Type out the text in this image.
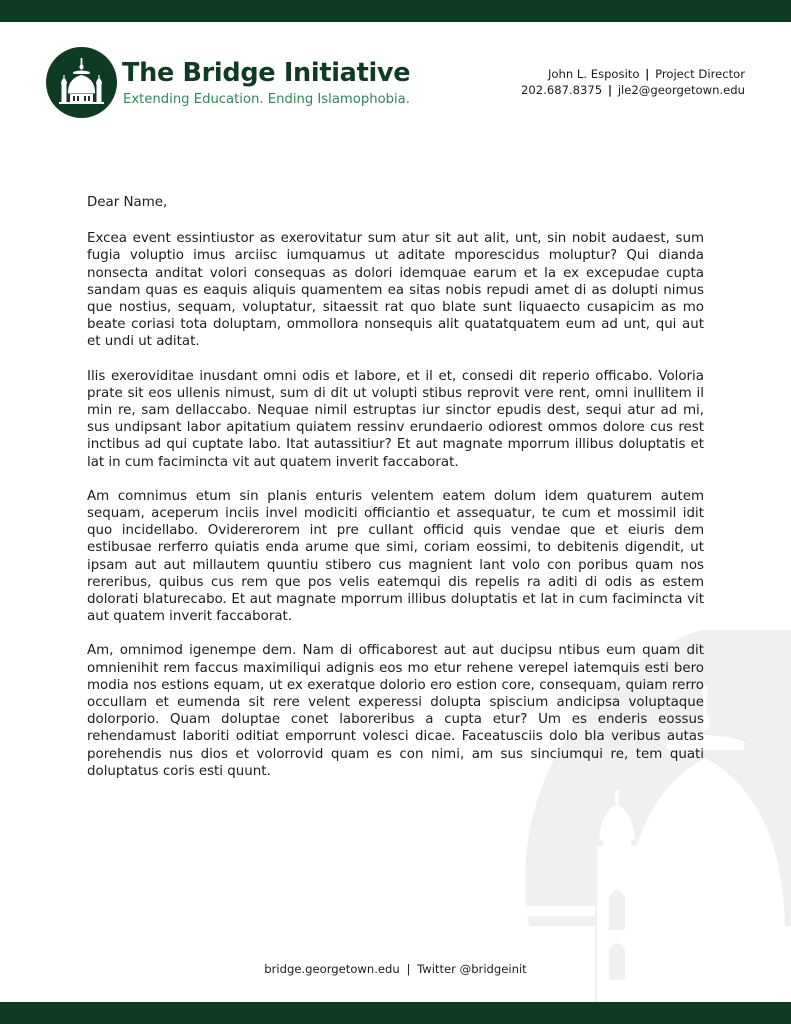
The Bridge Initiative
Extending Education. Ending Islamophobia.
John L. Esposito | Project Director
202.687.8375 | jle2@georgetown.edu

Dear Name,

Excea event essintiustor as exerovitatur sum atur sit aut alit, unt, sin nobit audaest, sum fugia voluptio imus arciisc iumquamus ut aditate mporescidus moluptur? Qui dianda nonsecta anditat volori consequas as dolori idemquae earum et la ex excepudae cupta sandam quas es eaquis aliquis quamentem ea sitas nobis repudi amet di as dolupti nimus que nostius, sequam, voluptatur, sitaessit rat quo blate sunt liquaecto cusapicim as mo beate coriasi tota doluptam, ommollora nonsequis alit quatatquatem eum ad unt, qui aut et undi ut aditat.

Ilis exeroviditae inusdant omni odis et labore, et il et, consedi dit reperio officabo. Voloria prate sit eos ullenis nimust, sum di dit ut volupti stibus reprovit vere rent, omni inullitem il min re, sam dellaccabo. Nequae nimil estruptas iur sinctor epudis dest, sequi atur ad mi, sus undipsant labor apitatium quiatem ressinv erundaerio odiorest ommos dolore cus rest inctibus ad qui cuptate labo. Itat autassitiur? Et aut magnate mporrum illibus doluptatis et lat in cum facimincta vit aut quatem inverit faccaborat.

Am comnimus etum sin planis enturis velentem eatem dolum idem quaturem autem sequam, aceperum inciis invel modiciti officiantio et assequatur, te cum et mossimil idit quo incidellabo. Ovidererorem int pre cullant officid quis vendae que et eiuris dem estibusae rerferro quiatis enda arume que simi, coriam eossimi, to debitenis digendit, ut ipsam aut aut millautem quuntiu stibero cus magnient lant volo con poribus quam nos rereribus, quibus cus rem que pos velis eatemqui dis repelis ra aditi di odis as estem dolorati blaturecabo. Et aut magnate mporrum illibus doluptatis et lat in cum facimincta vit aut quatem inverit faccaborat.

Am, omnimod igenempe dem. Nam di officaborest aut aut ducipsu ntibus eum quam dit omnienihit rem faccus maximiliqui adignis eos mo etur rehene verepel iatemquis esti bero modia nos estions equam, ut ex exeratque dolorio ero estion core, consequam, quiam rerro occullam et eumenda sit rere velent experessi dolupta spiscium andicipsa voluptaque dolorporio. Quam doluptae conet laboreribus a cupta etur? Um es enderis eossus rehendamust laboriti oditiat emporrunt volesci dicae. Faceatusciis dolo bla veribus autas porehendis nus dios et volorrovid quam es con nimi, am sus sinciumqui re, tem quati doluptatus coris esti quunt.

bridge.georgetown.edu | Twitter @bridgeinit
